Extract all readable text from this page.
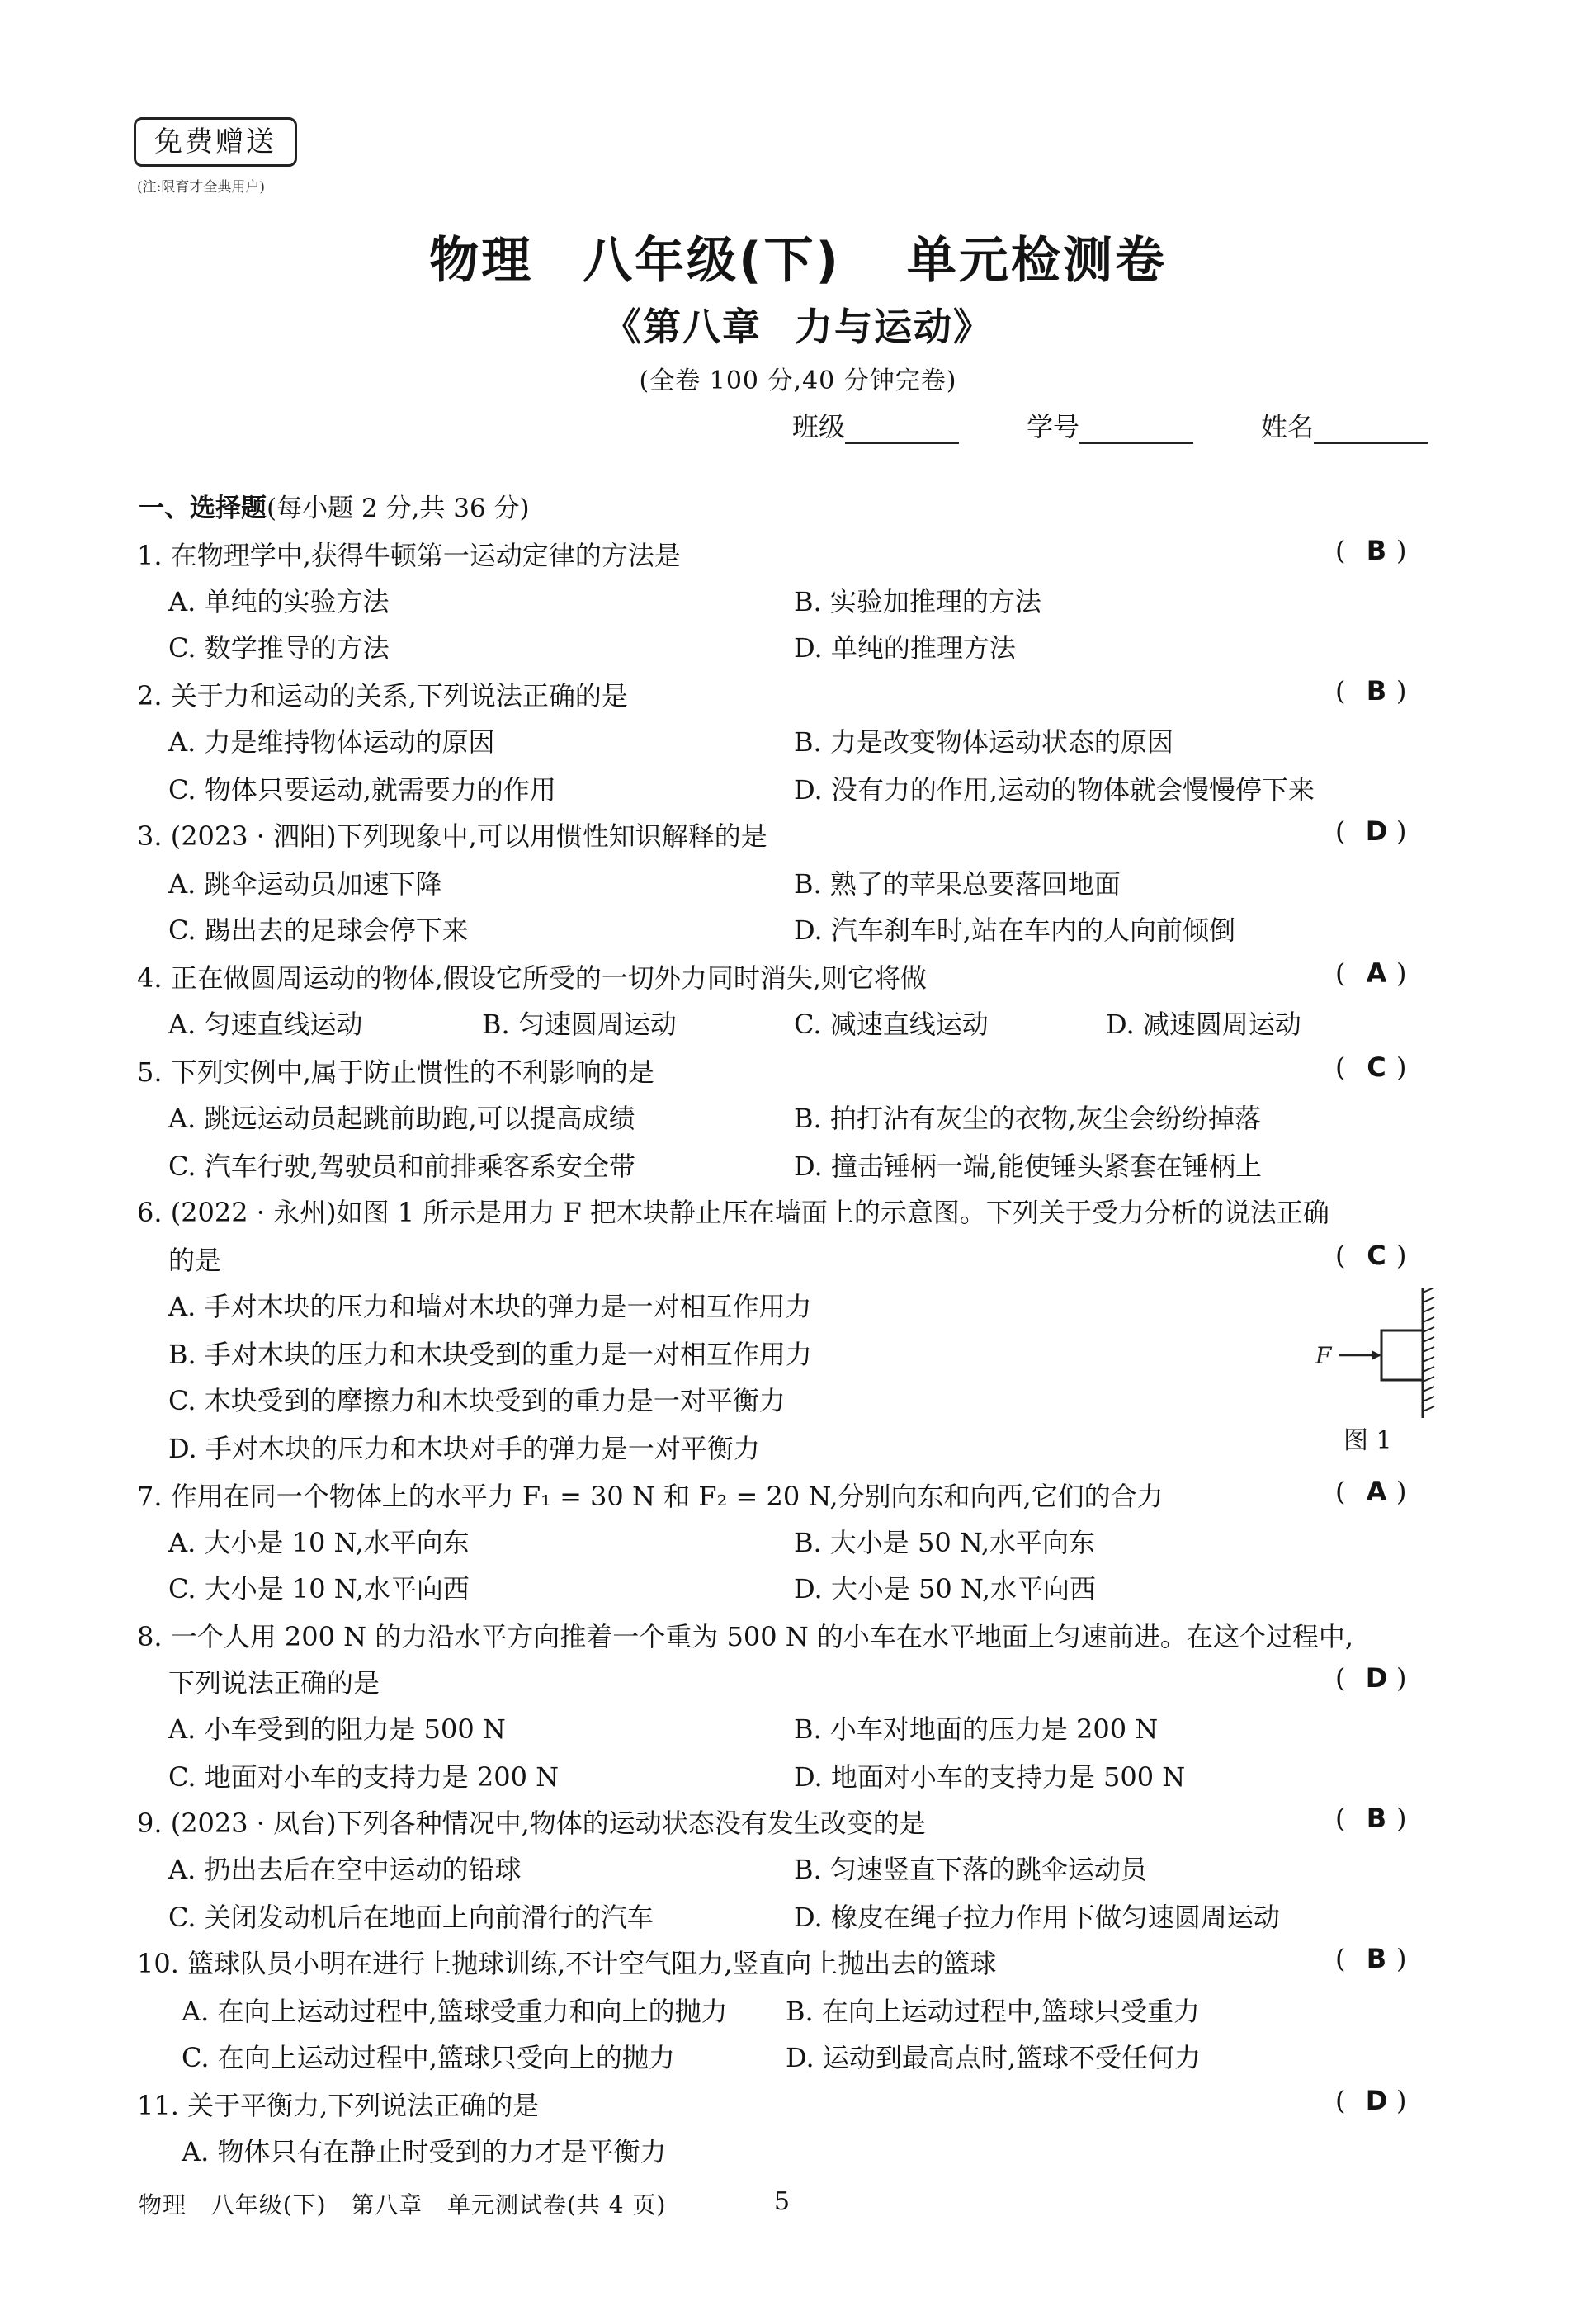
免费赠送
(注:限育才全典用户)
物理 八年级(下) 单元检测卷
《第八章 力与运动》
(全卷 100 分,40 分钟完卷)
班级	学号	姓名
一、选择题(每小题 2 分,共 36 分)
1. 在物理学中,获得牛顿第一运动定律的方法是	( B )
A. 单纯的实验方法	B. 实验加推理的方法
C. 数学推导的方法	D. 单纯的推理方法
2. 关于力和运动的关系,下列说法正确的是	( B )
A. 力是维持物体运动的原因	B. 力是改变物体运动状态的原因
C. 物体只要运动,就需要力的作用	D. 没有力的作用,运动的物体就会慢慢停下来
3. (2023 · 泗阳)下列现象中,可以用惯性知识解释的是	( D )
A. 跳伞运动员加速下降	B. 熟了的苹果总要落回地面
C. 踢出去的足球会停下来	D. 汽车刹车时,站在车内的人向前倾倒
4. 正在做圆周运动的物体,假设它所受的一切外力同时消失,则它将做	( A )
A. 匀速直线运动	B. 匀速圆周运动	C. 减速直线运动	D. 减速圆周运动
5. 下列实例中,属于防止惯性的不利影响的是	( C )
A. 跳远运动员起跳前助跑,可以提高成绩	B. 拍打沾有灰尘的衣物,灰尘会纷纷掉落
C. 汽车行驶,驾驶员和前排乘客系安全带	D. 撞击锤柄一端,能使锤头紧套在锤柄上
6. (2022 · 永州)如图 1 所示是用力 F 把木块静止压在墙面上的示意图。下列关于受力分析的说法正确
的是	( C )
A. 手对木块的压力和墙对木块的弹力是一对相互作用力
B. 手对木块的压力和木块受到的重力是一对相互作用力
C. 木块受到的摩擦力和木块受到的重力是一对平衡力
D. 手对木块的压力和木块对手的弹力是一对平衡力
F
图 1
7. 作用在同一个物体上的水平力 F₁ = 30 N 和 F₂ = 20 N,分别向东和向西,它们的合力	( A )
A. 大小是 10 N,水平向东	B. 大小是 50 N,水平向东
C. 大小是 10 N,水平向西	D. 大小是 50 N,水平向西
8. 一个人用 200 N 的力沿水平方向推着一个重为 500 N 的小车在水平地面上匀速前进。在这个过程中,
下列说法正确的是	( D )
A. 小车受到的阻力是 500 N	B. 小车对地面的压力是 200 N
C. 地面对小车的支持力是 200 N	D. 地面对小车的支持力是 500 N
9. (2023 · 凤台)下列各种情况中,物体的运动状态没有发生改变的是	( B )
A. 扔出去后在空中运动的铅球	B. 匀速竖直下落的跳伞运动员
C. 关闭发动机后在地面上向前滑行的汽车	D. 橡皮在绳子拉力作用下做匀速圆周运动
10. 篮球队员小明在进行上抛球训练,不计空气阻力,竖直向上抛出去的篮球	( B )
A. 在向上运动过程中,篮球受重力和向上的抛力 B. 在向上运动过程中,篮球只受重力
C. 在向上运动过程中,篮球只受向上的抛力	D. 运动到最高点时,篮球不受任何力
11. 关于平衡力,下列说法正确的是	( D )
A. 物体只有在静止时受到的力才是平衡力
物理   八年级(下)   第八章   单元测试卷(共 4 页)	5
